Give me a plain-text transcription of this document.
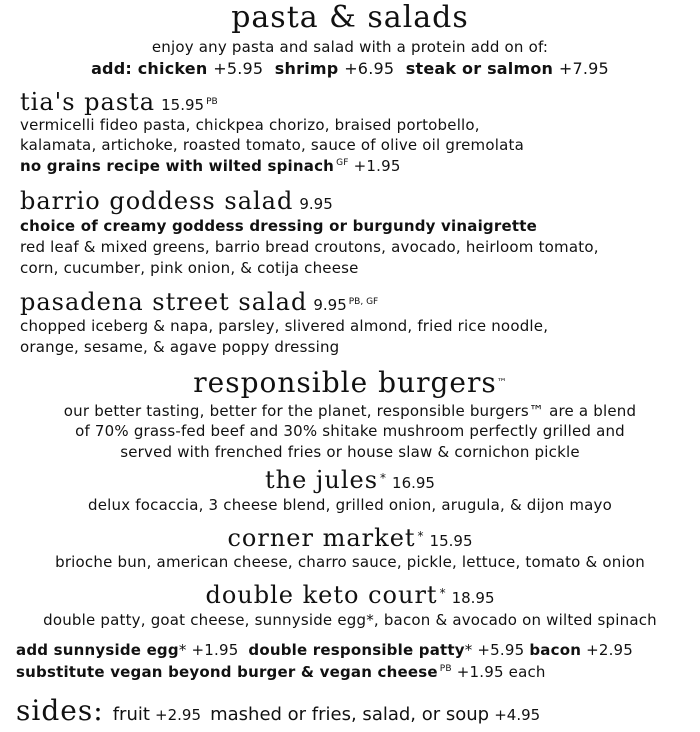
pasta & salads
enjoy any pasta and salad with a protein add on of:
add: chicken +5.95 shrimp +6.95 steak or salmon +7.95
tia's pasta 15.95 $^{PB}$
vermicelli fideo pasta, chickpea chorizo, braised portobello,
kalamata, artichoke, roasted tomato, sauce of olive oil gremolata
no grains recipe with wilted spinach $^{GF}$ +1.95
barrio goddess salad 9.95
choice of creamy goddess dressing or burgundy vinaigrette
red leaf & mixed greens, barrio bread croutons, avocado, heirloom tomato,
corn, cucumber, pink onion, & cotija cheese
pasadena street salad 9.95 $^{PB, GF}$
chopped iceberg & napa, parsley, slivered almond, fried rice noodle,
orange, sesame, & agave poppy dressing
responsible burgers™
our better tasting, better for the planet, responsible burgers™ are a blend
of 70% grass-fed beef and 30% shitake mushroom perfectly grilled and
served with frenched fries or house slaw & cornichon pickle
the jules * 16.95
delux focaccia, 3 cheese blend, grilled onion, arugula, & dijon mayo
corner market * 15.95
brioche bun, american cheese, charro sauce, pickle, lettuce, tomato & onion
double keto court * 18.95
double patty, goat cheese, sunnyside egg*, bacon & avocado on wilted spinach
add sunnyside egg* +1.95 double responsible patty* +5.95 bacon +2.95
substitute vegan beyond burger & vegan cheese $^{PB}$ +1.95 each
sides: fruit +2.95 mashed or fries, salad, or soup +4.95
